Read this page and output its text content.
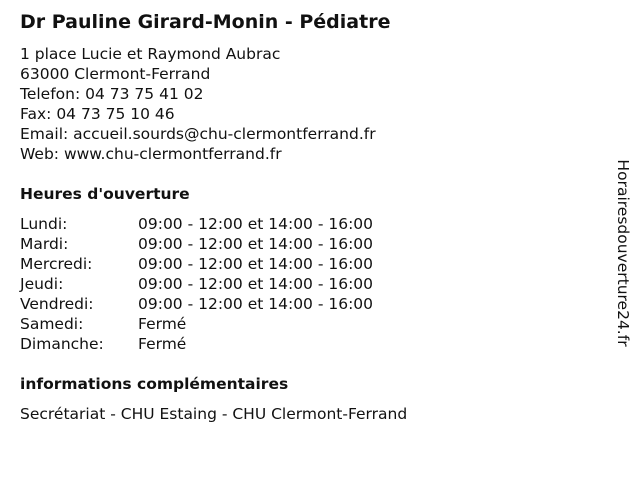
Dr Pauline Girard-Monin - Pédiatre
1 place Lucie et Raymond Aubrac
63000 Clermont-Ferrand
Telefon: 04 73 75 41 02
Fax: 04 73 75 10 46
Email: accueil.sourds@chu-clermontferrand.fr
Web: www.chu-clermontferrand.fr
Heures d'ouverture
Lundi:	09:00 - 12:00 et 14:00 - 16:00
Mardi:	09:00 - 12:00 et 14:00 - 16:00
Mercredi:	09:00 - 12:00 et 14:00 - 16:00
Jeudi:	09:00 - 12:00 et 14:00 - 16:00
Vendredi:	09:00 - 12:00 et 14:00 - 16:00
Samedi:	Fermé
Dimanche: Fermé
informations complémentaires
Secrétariat - CHU Estaing - CHU Clermont-Ferrand
Horairesdouverture24.fr
